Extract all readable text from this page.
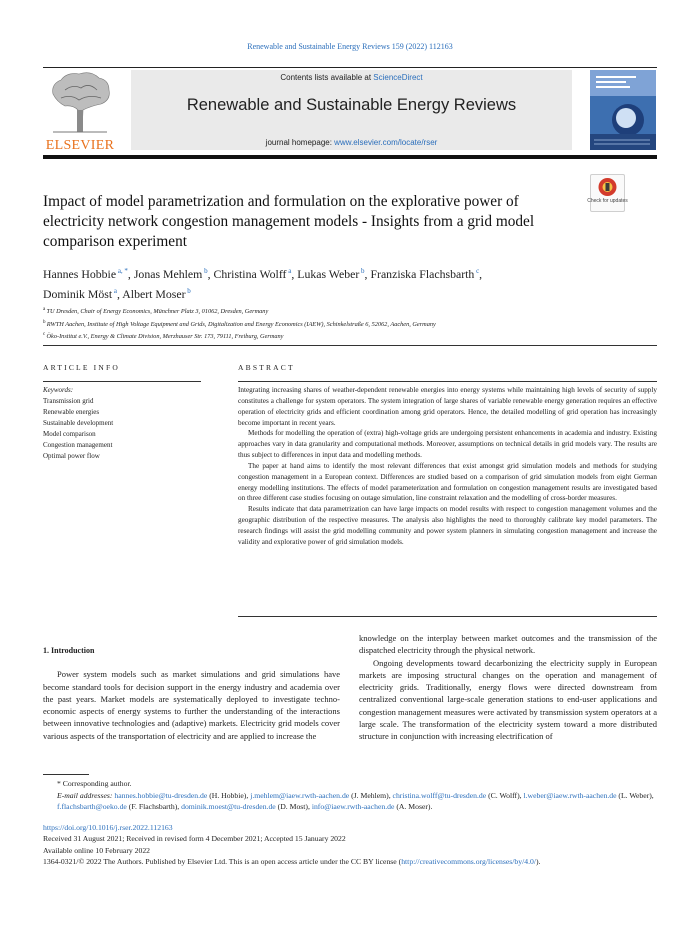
Renewable and Sustainable Energy Reviews 159 (2022) 112163
ELSEVIER
Contents lists available at ScienceDirect
Renewable and Sustainable Energy Reviews
journal homepage: www.elsevier.com/locate/rser
Check for updates
Impact of model parametrization and formulation on the explorative power of electricity network congestion management models - Insights from a grid model comparison experiment
Hannes Hobbie $^{a, *}$, Jonas Mehlem $^b$, Christina Wolff $^a$, Lukas Weber $^b$, Franziska Flachsbarth $^c$,
Dominik Möst $^a$, Albert Moser $^b$
$^a$ TU Dresden, Chair of Energy Economics, Münchner Platz 3, 01062, Dresden, Germany
$^b$ RWTH Aachen, Institute of High Voltage Equipment and Grids, Digitalization and Energy Economics (IAEW), Schinkelstraße 6, 52062, Aachen, Germany
$^c$ Öko-Institut e.V., Energy & Climate Division, Merzhauser Str. 173, 79111, Freiburg, Germany
ARTICLE INFO
Keywords:
Transmission grid
Renewable energies
Sustainable development
Model comparison
Congestion management
Optimal power flow
ABSTRACT

Integrating increasing shares of weather-dependent renewable energies into energy systems while maintaining high levels of security of supply constitutes a challenge for system operators. The system integration of large shares of variable renewable energy generation requires an effective operation of electricity grids and efficient coordination among grid operators. Hence, the detailed modelling of grid operation has increasingly become important in recent years.

Methods for modelling the operation of (extra) high-voltage grids are undergoing persistent enhancements in academia and industry. Existing approaches vary in data granularity and computational methods. Moreover, assumptions on technical details in grid models vary. The results are thus subject to differences in input data and modelling methods.

The paper at hand aims to identify the most relevant differences that exist amongst grid simulation models and methods for studying congestion management in a European context. Differences are studied based on a comparison of grid simulation models from eight German energy modelling institutions. The effects of model parameterization and formulation on congestion management results are investigated based on three different case studies focusing on outage simulation, line constraint relaxation and the modelling of cross-border measures.

Results indicate that data parametrization can have large impacts on model results with respect to congestion management volumes and the geographic distribution of the respective measures. The analysis also highlights the need to thoroughly calibrate key model parameters. The research findings will assist the grid modelling community and power system planners in simulating congestion management and increase the validity and explorative power of grid simulation models.

1. Introduction

Power system models such as market simulations and grid simulations have become standard tools for decision support in the energy industry and academia over the past years. Market models are systematically deployed to investigate techno-economic aspects of energy systems to further the understanding of the interactions between innovative technologies and (adaptive) markets. Electricity grid models cover various aspects of the transportation of electricity and are applied to increase the

knowledge on the interplay between market outcomes and the transmission of the dispatched electricity through the physical network.

Ongoing developments toward decarbonizing the electricity supply in European markets are imposing structural changes on the operation and management of electricity grids. Traditionally, energy flows were directed downstream from centralized conventional large-scale generation stations to end-user applications and congestion management measures were activated by transmission system operators at a large scale. The transformation of the electricity system toward a more distributed structure in conjunction with increasing electrification of

* Corresponding author.
E-mail addresses: hannes.hobbie@tu-dresden.de (H. Hobbie), j.mehlem@iaew.rwth-aachen.de (J. Mehlem), christina.wolff@tu-dresden.de (C. Wolff), l.weber@iaew.rwth-aachen.de (L. Weber), f.flachsbarth@oeko.de (F. Flachsbarth), dominik.moest@tu-dresden.de (D. Most), info@iaew.rwth-aachen.de (A. Moser).
https://doi.org/10.1016/j.rser.2022.112163
Received 31 August 2021; Received in revised form 4 December 2021; Accepted 15 January 2022
Available online 10 February 2022
1364-0321/© 2022 The Authors. Published by Elsevier Ltd. This is an open access article under the CC BY license (http://creativecommons.org/licenses/by/4.0/).
